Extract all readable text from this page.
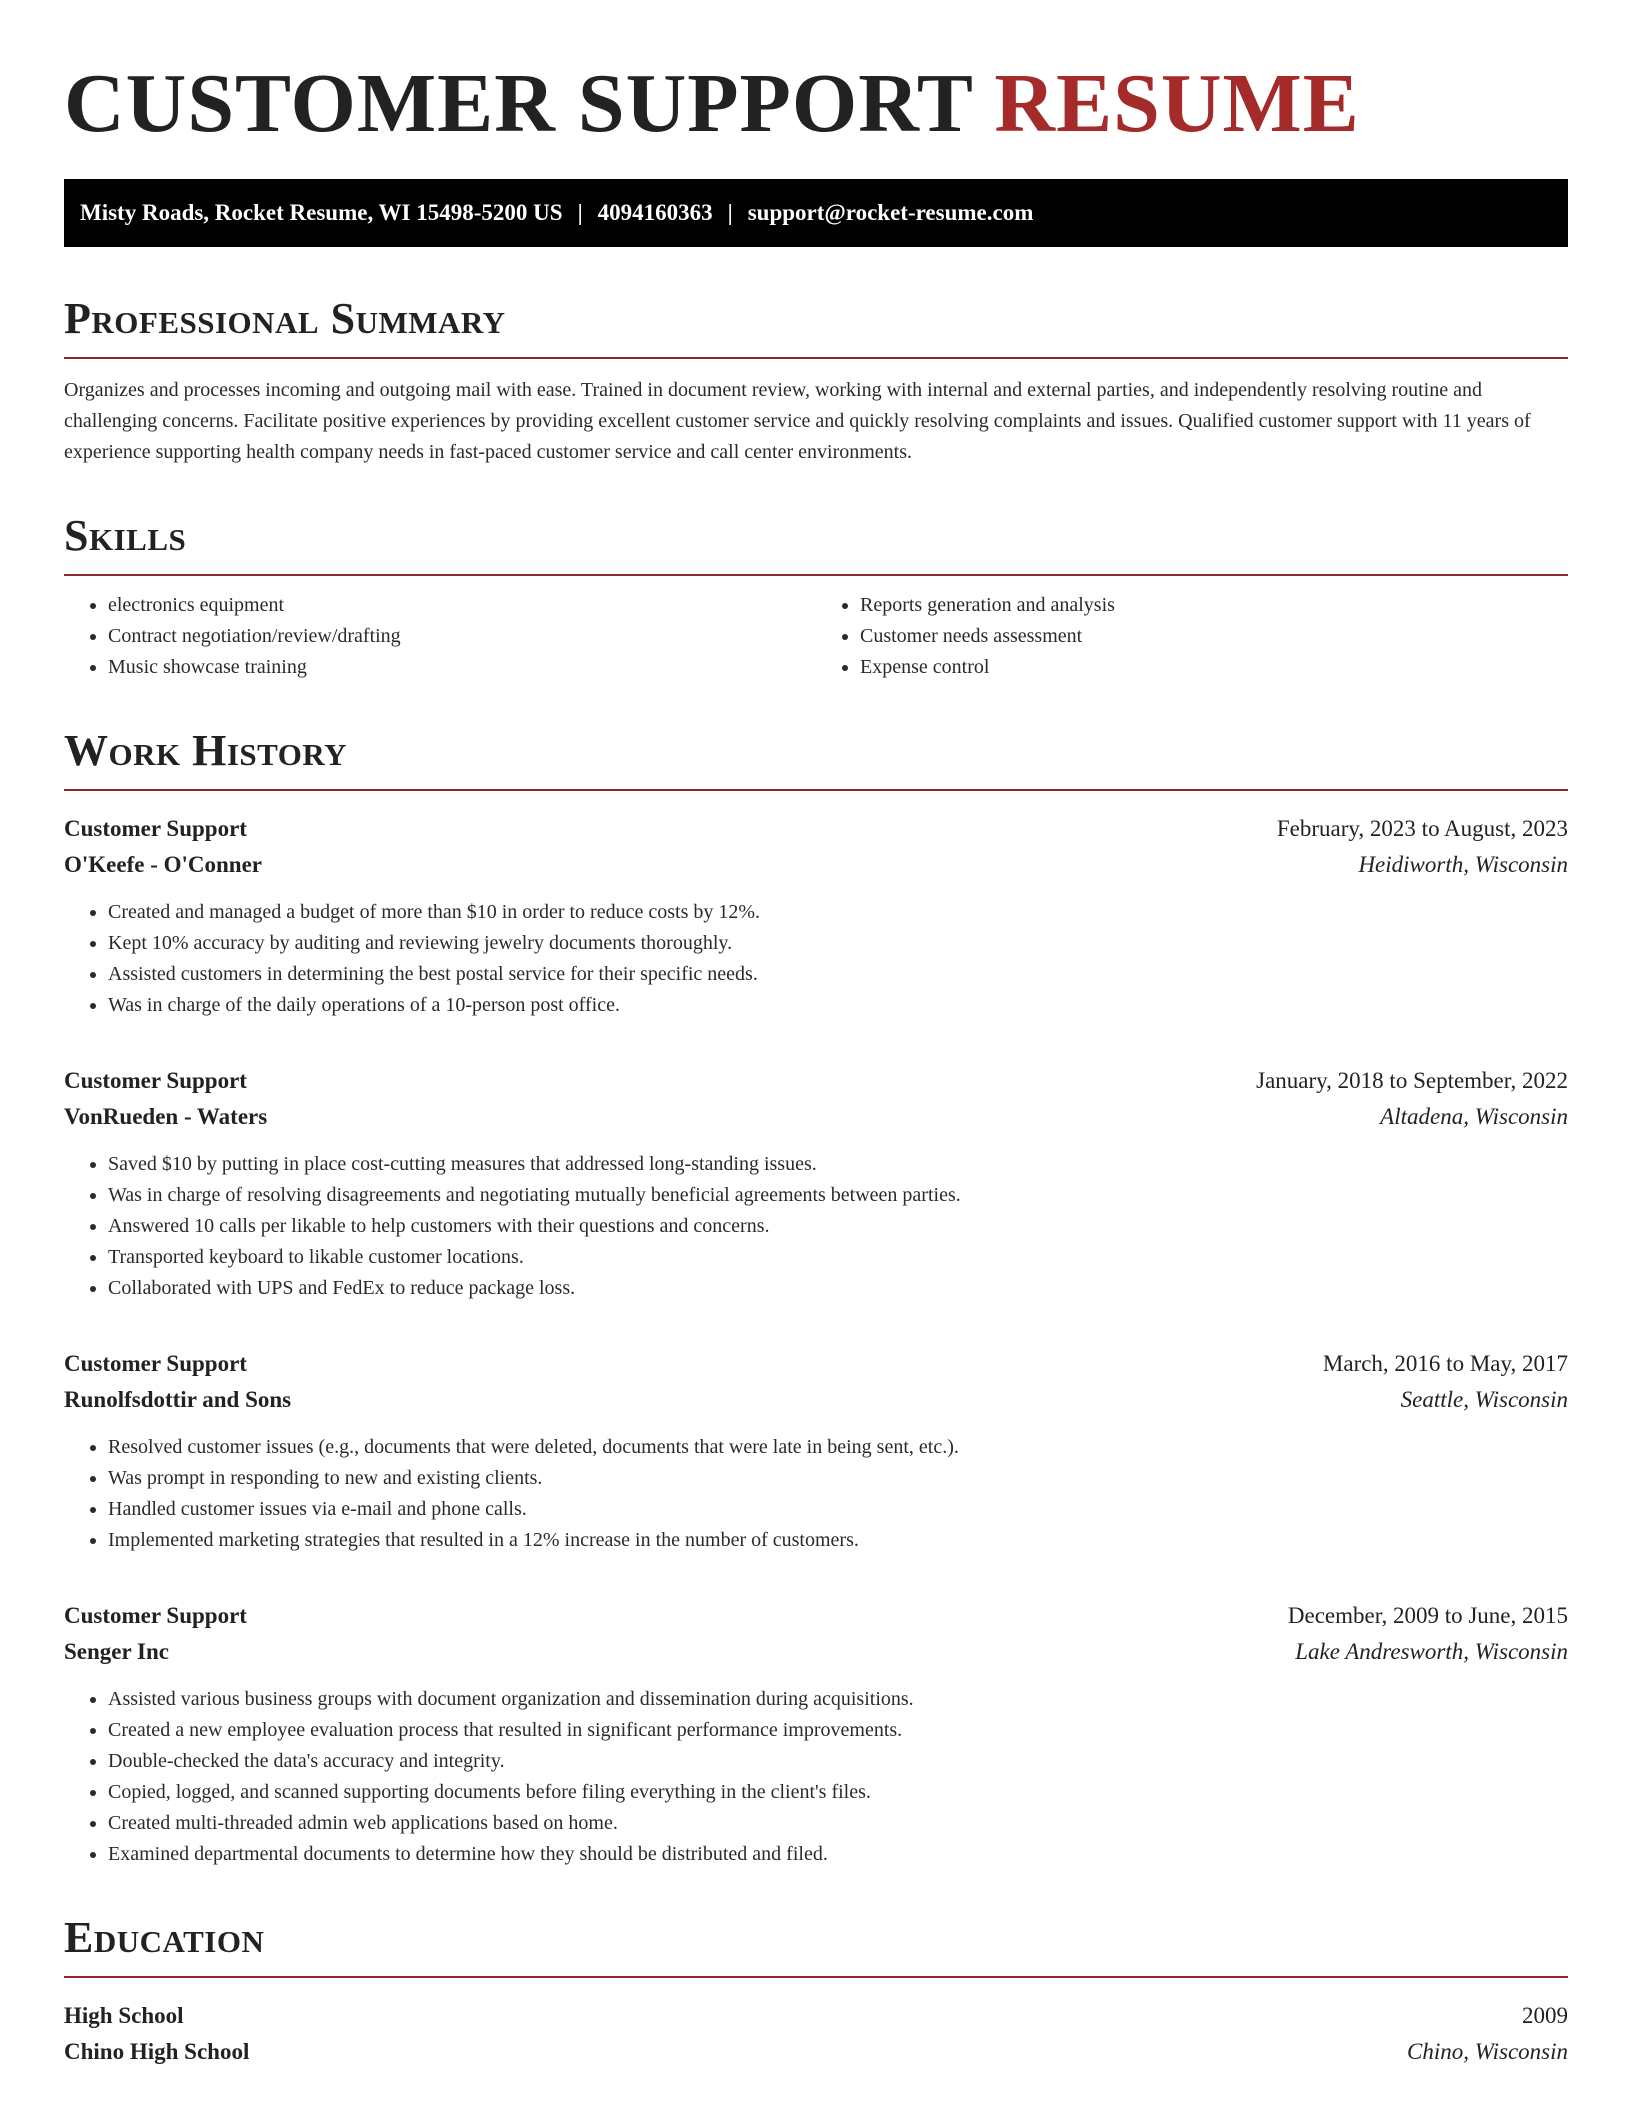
CUSTOMER SUPPORT RESUME
Misty Roads, Rocket Resume, WI 15498-5200 US | 4094160363 | support@rocket-resume.com
Professional Summary

Organizes and processes incoming and outgoing mail with ease. Trained in document review, working with internal and external parties, and independently resolving routine and challenging concerns. Facilitate positive experiences by providing excellent customer service and quickly resolving complaints and issues. Qualified customer support with 11 years of experience supporting health company needs in fast-paced customer service and call center environments.

Skills
• electronics equipment
• Contract negotiation/review/drafting
• Music showcase training
• Reports generation and analysis
• Customer needs assessment
• Expense control
Work History
Customer Support	February, 2023 to August, 2023
O'Keefe - O'Conner	Heidiworth, Wisconsin
• Created and managed a budget of more than $10 in order to reduce costs by 12%.
• Kept 10% accuracy by auditing and reviewing jewelry documents thoroughly.
• Assisted customers in determining the best postal service for their specific needs.
• Was in charge of the daily operations of a 10-person post office.
Customer Support	January, 2018 to September, 2022
VonRueden - Waters	Altadena, Wisconsin
• Saved $10 by putting in place cost-cutting measures that addressed long-standing issues.
• Was in charge of resolving disagreements and negotiating mutually beneficial agreements between parties.
• Answered 10 calls per likable to help customers with their questions and concerns.
• Transported keyboard to likable customer locations.
• Collaborated with UPS and FedEx to reduce package loss.
Customer Support	March, 2016 to May, 2017
Runolfsdottir and Sons	Seattle, Wisconsin
• Resolved customer issues (e.g., documents that were deleted, documents that were late in being sent, etc.).
• Was prompt in responding to new and existing clients.
• Handled customer issues via e-mail and phone calls.
• Implemented marketing strategies that resulted in a 12% increase in the number of customers.
Customer Support	December, 2009 to June, 2015
Senger Inc	Lake Andresworth, Wisconsin
• Assisted various business groups with document organization and dissemination during acquisitions.
• Created a new employee evaluation process that resulted in significant performance improvements.
• Double-checked the data's accuracy and integrity.
• Copied, logged, and scanned supporting documents before filing everything in the client's files.
• Created multi-threaded admin web applications based on home.
• Examined departmental documents to determine how they should be distributed and filed.
Education
High School	2009
Chino High School	Chino, Wisconsin
